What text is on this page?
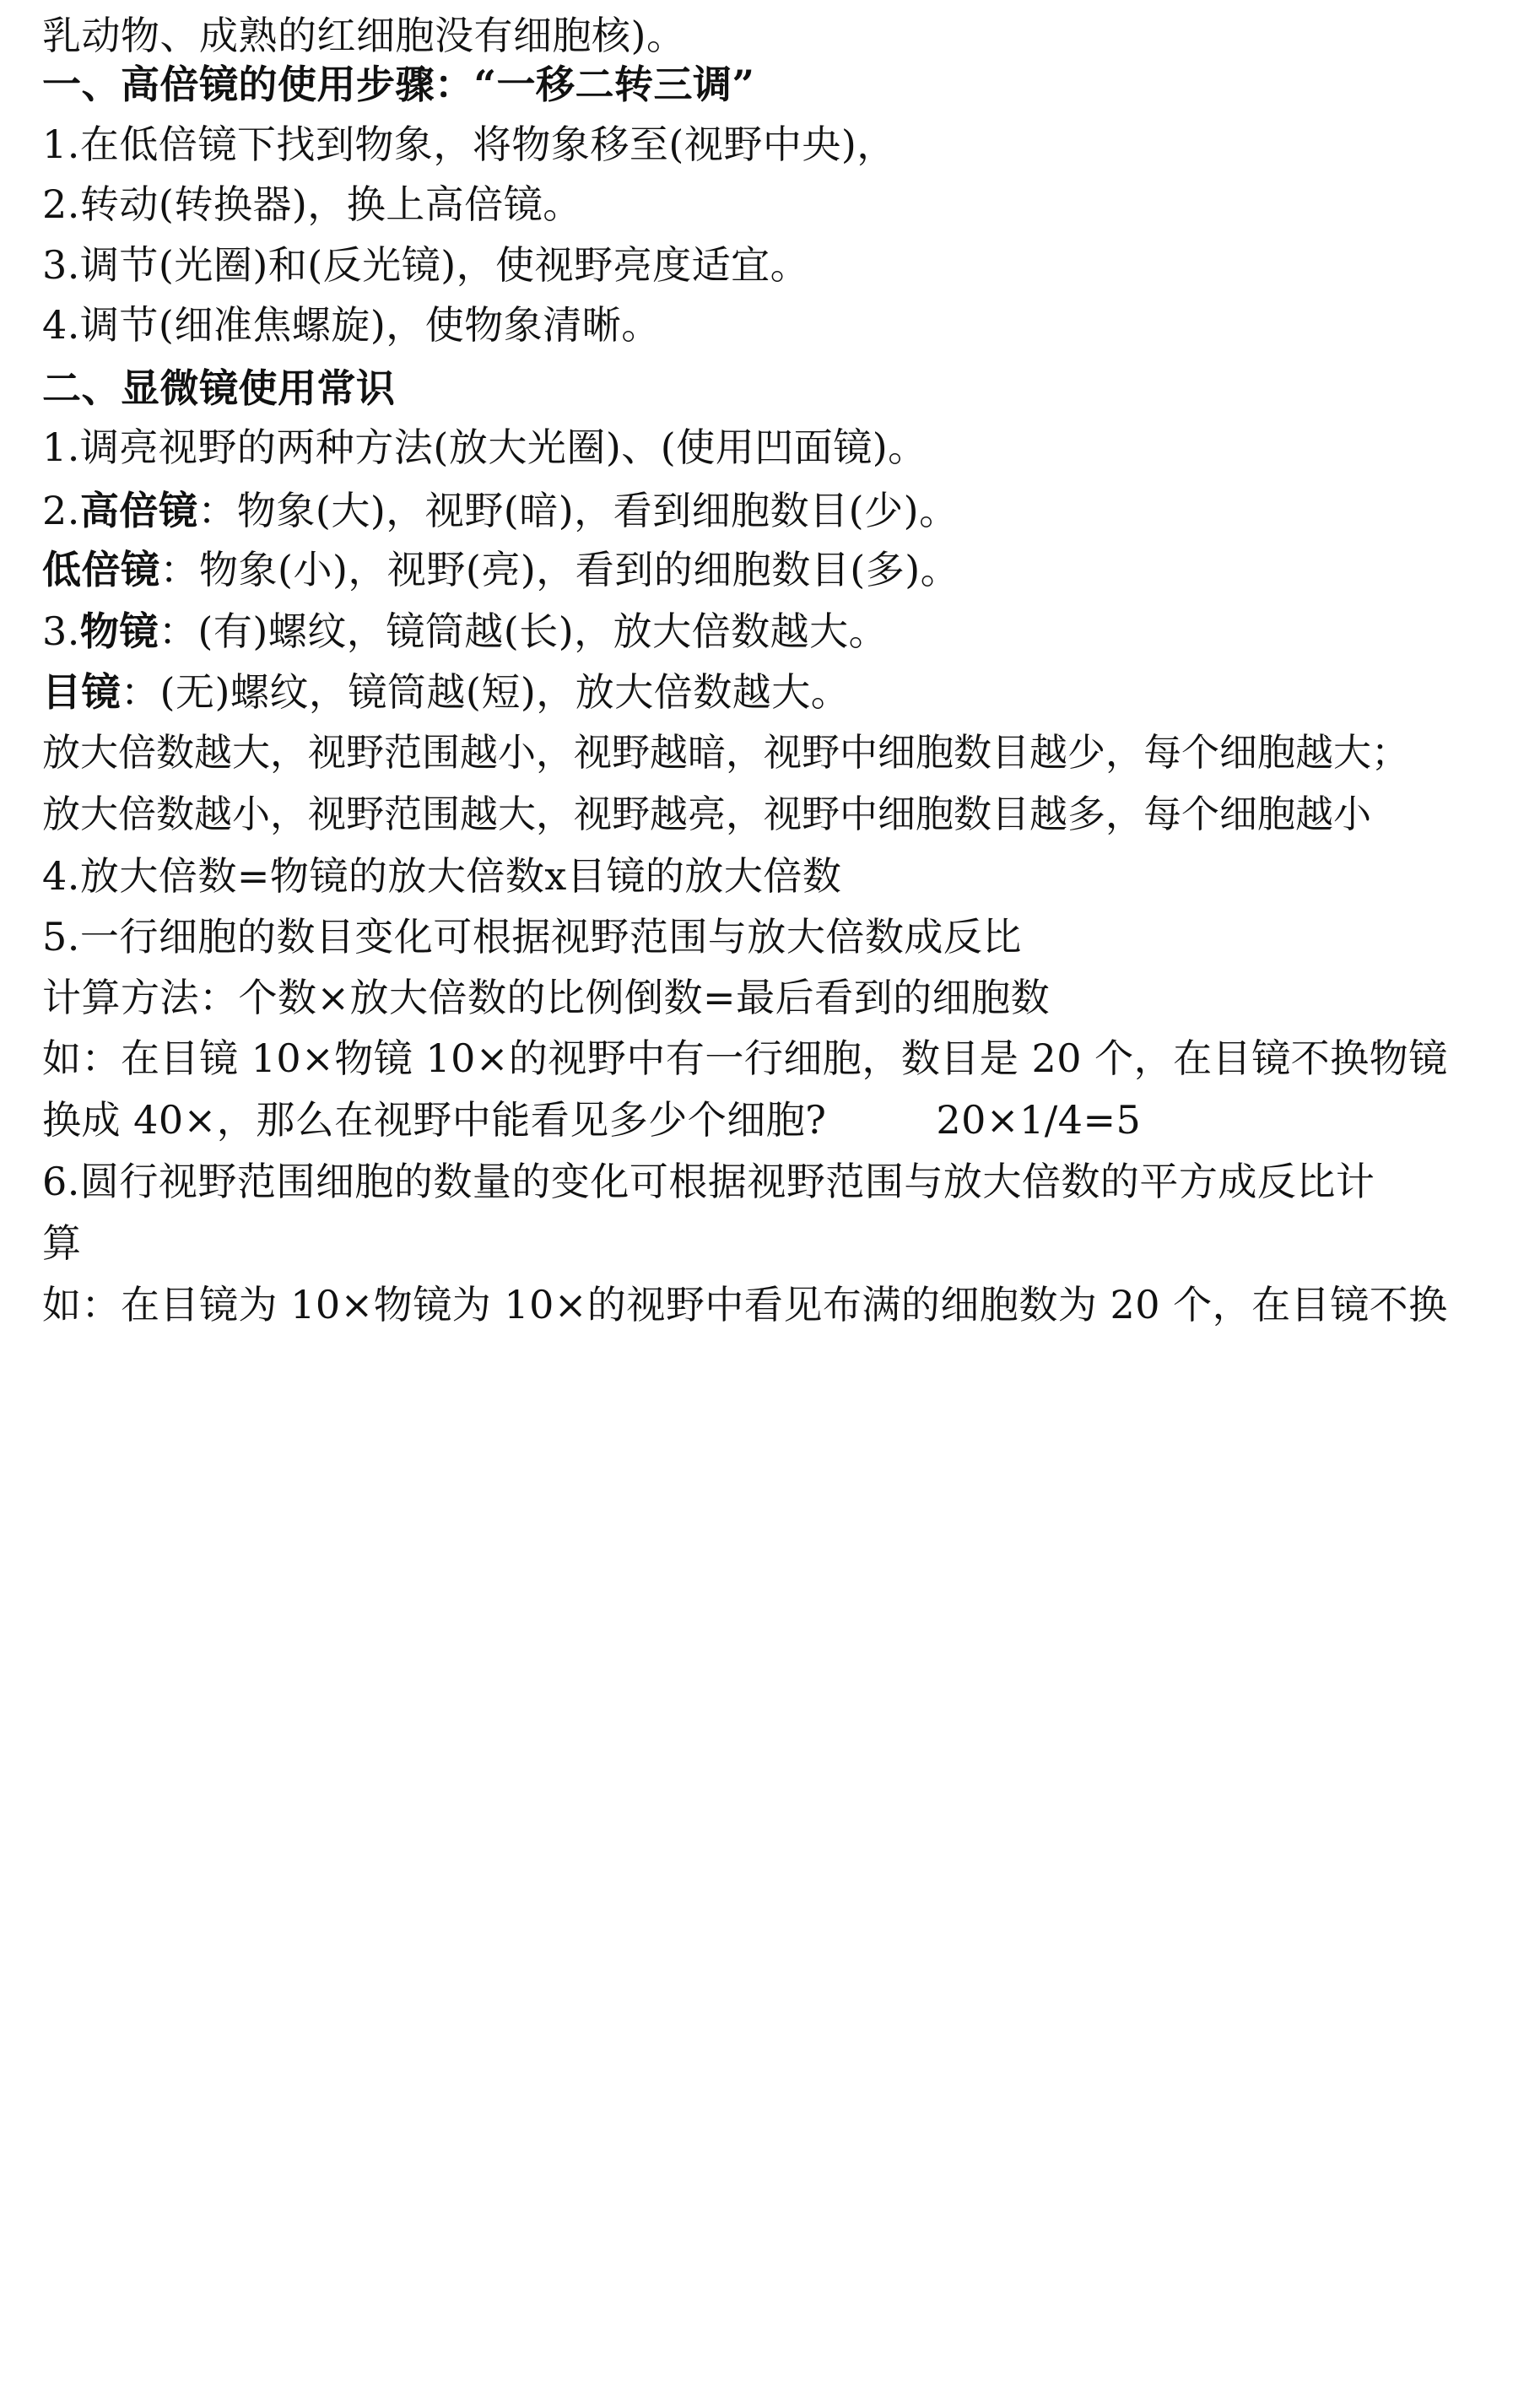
乳动物、成熟的红细胞没有细胞核)。

一、高倍镜的使用步骤：“一移二转三调”

1.在低倍镜下找到物象，将物象移至(视野中央)，

2.转动(转换器)，换上高倍镜。

3.调节(光圈)和(反光镜)，使视野亮度适宜。

4.调节(细准焦螺旋)，使物象清晰。

二、显微镜使用常识

1.调亮视野的两种方法(放大光圈)、(使用凹面镜)。

2.高倍镜：物象(大)，视野(暗)，看到细胞数目(少)。

低倍镜：物象(小)，视野(亮)，看到的细胞数目(多)。

3.物镜：(有)螺纹，镜筒越(长)，放大倍数越大。

目镜：(无)螺纹，镜筒越(短)，放大倍数越大。

放大倍数越大，视野范围越小，视野越暗，视野中细胞数目越少，每个细胞越大；

放大倍数越小，视野范围越大，视野越亮，视野中细胞数目越多，每个细胞越小

4.放大倍数=物镜的放大倍数x目镜的放大倍数

5.一行细胞的数目变化可根据视野范围与放大倍数成反比

计算方法：个数×放大倍数的比例倒数=最后看到的细胞数

如：在目镜 10×物镜 10×的视野中有一行细胞，数目是 20 个，在目镜不换物镜

换成 40×，那么在视野中能看见多少个细胞?	20×1/4=5

6.圆行视野范围细胞的数量的变化可根据视野范围与放大倍数的平方成反比计

算

如：在目镜为 10×物镜为 10×的视野中看见布满的细胞数为 20 个，在目镜不换
